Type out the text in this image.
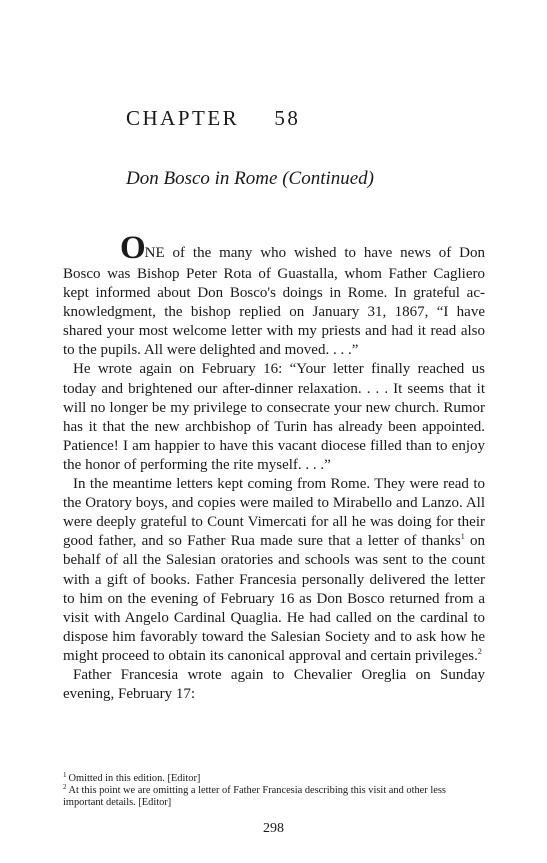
CHAPTER   58
Don Bosco in Rome (Continued)

ONE of the many who wished to have news of Don Bosco was Bishop Peter Rota of Guastalla, whom Father Cagliero kept informed about Don Bosco's doings in Rome. In grateful acknowledgment, the bishop replied on January 31, 1867, “I have shared your most welcome letter with my priests and had it read also to the pupils. All were delighted and moved. . . .”

He wrote again on February 16: “Your letter finally reached us today and brightened our after-dinner relaxation. . . . It seems that it will no longer be my privilege to consecrate your new church. Rumor has it that the new archbishop of Turin has already been appointed. Patience! I am happier to have this vacant diocese filled than to enjoy the honor of performing the rite myself. . . .”

In the meantime letters kept coming from Rome. They were read to the Oratory boys, and copies were mailed to Mirabello and Lanzo. All were deeply grateful to Count Vimercati for all he was doing for their good father, and so Father Rua made sure that a letter of thanks$^1$ on behalf of all the Salesian oratories and schools was sent to the count with a gift of books. Father Francesia personally delivered the letter to him on the evening of February 16 as Don Bosco returned from a visit with Angelo Cardinal Quaglia. He had called on the cardinal to dispose him favorably toward the Salesian Society and to ask how he might proceed to obtain its canonical approval and certain privileges.$^2$

Father Francesia wrote again to Chevalier Oreglia on Sunday evening, February 17:

$^1$ Omitted in this edition. [Editor]

$^2$ At this point we are omitting a letter of Father Francesia describing this visit and other less important details. [Editor]

298
